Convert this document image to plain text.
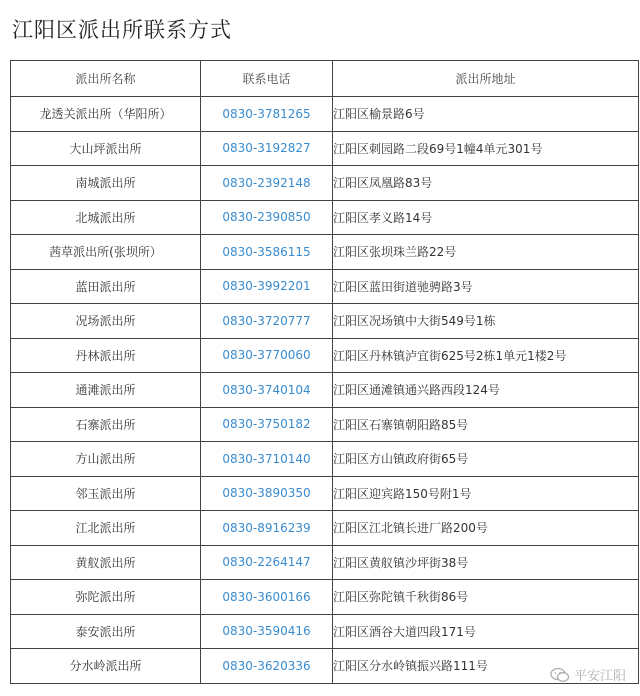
江阳区派出所联系方式
派出所名称	联系电话	派出所地址
龙透关派出所（华阳所）	0830-3781265	江阳区榆景路6号
大山坪派出所	0830-3192827	江阳区刺园路二段69号1幢4单元301号
南城派出所	0830-2392148	江阳区凤凰路83号
北城派出所	0830-2390850	江阳区孝义路14号
茜草派出所(张坝所）	0830-3586115	江阳区张坝珠兰路22号
蓝田派出所	0830-3992201	江阳区蓝田街道驰骋路3号
况场派出所	0830-3720777	江阳区况场镇中大街549号1栋
丹林派出所	0830-3770060	江阳区丹林镇泸宜街625号2栋1单元1楼2号
通滩派出所	0830-3740104	江阳区通滩镇通兴路西段124号
石寨派出所	0830-3750182	江阳区石寨镇朝阳路85号
方山派出所	0830-3710140	江阳区方山镇政府街65号
邻玉派出所	0830-3890350	江阳区迎宾路150号附1号
江北派出所	0830-8916239	江阳区江北镇长进厂路200号
黄舣派出所	0830-2264147	江阳区黄舣镇沙坪街38号
弥陀派出所	0830-3600166	江阳区弥陀镇千秋街86号
泰安派出所	0830-3590416	江阳区酒谷大道四段171号
分水岭派出所	0830-3620336	江阳区分水岭镇振兴路111号
平安江阳
